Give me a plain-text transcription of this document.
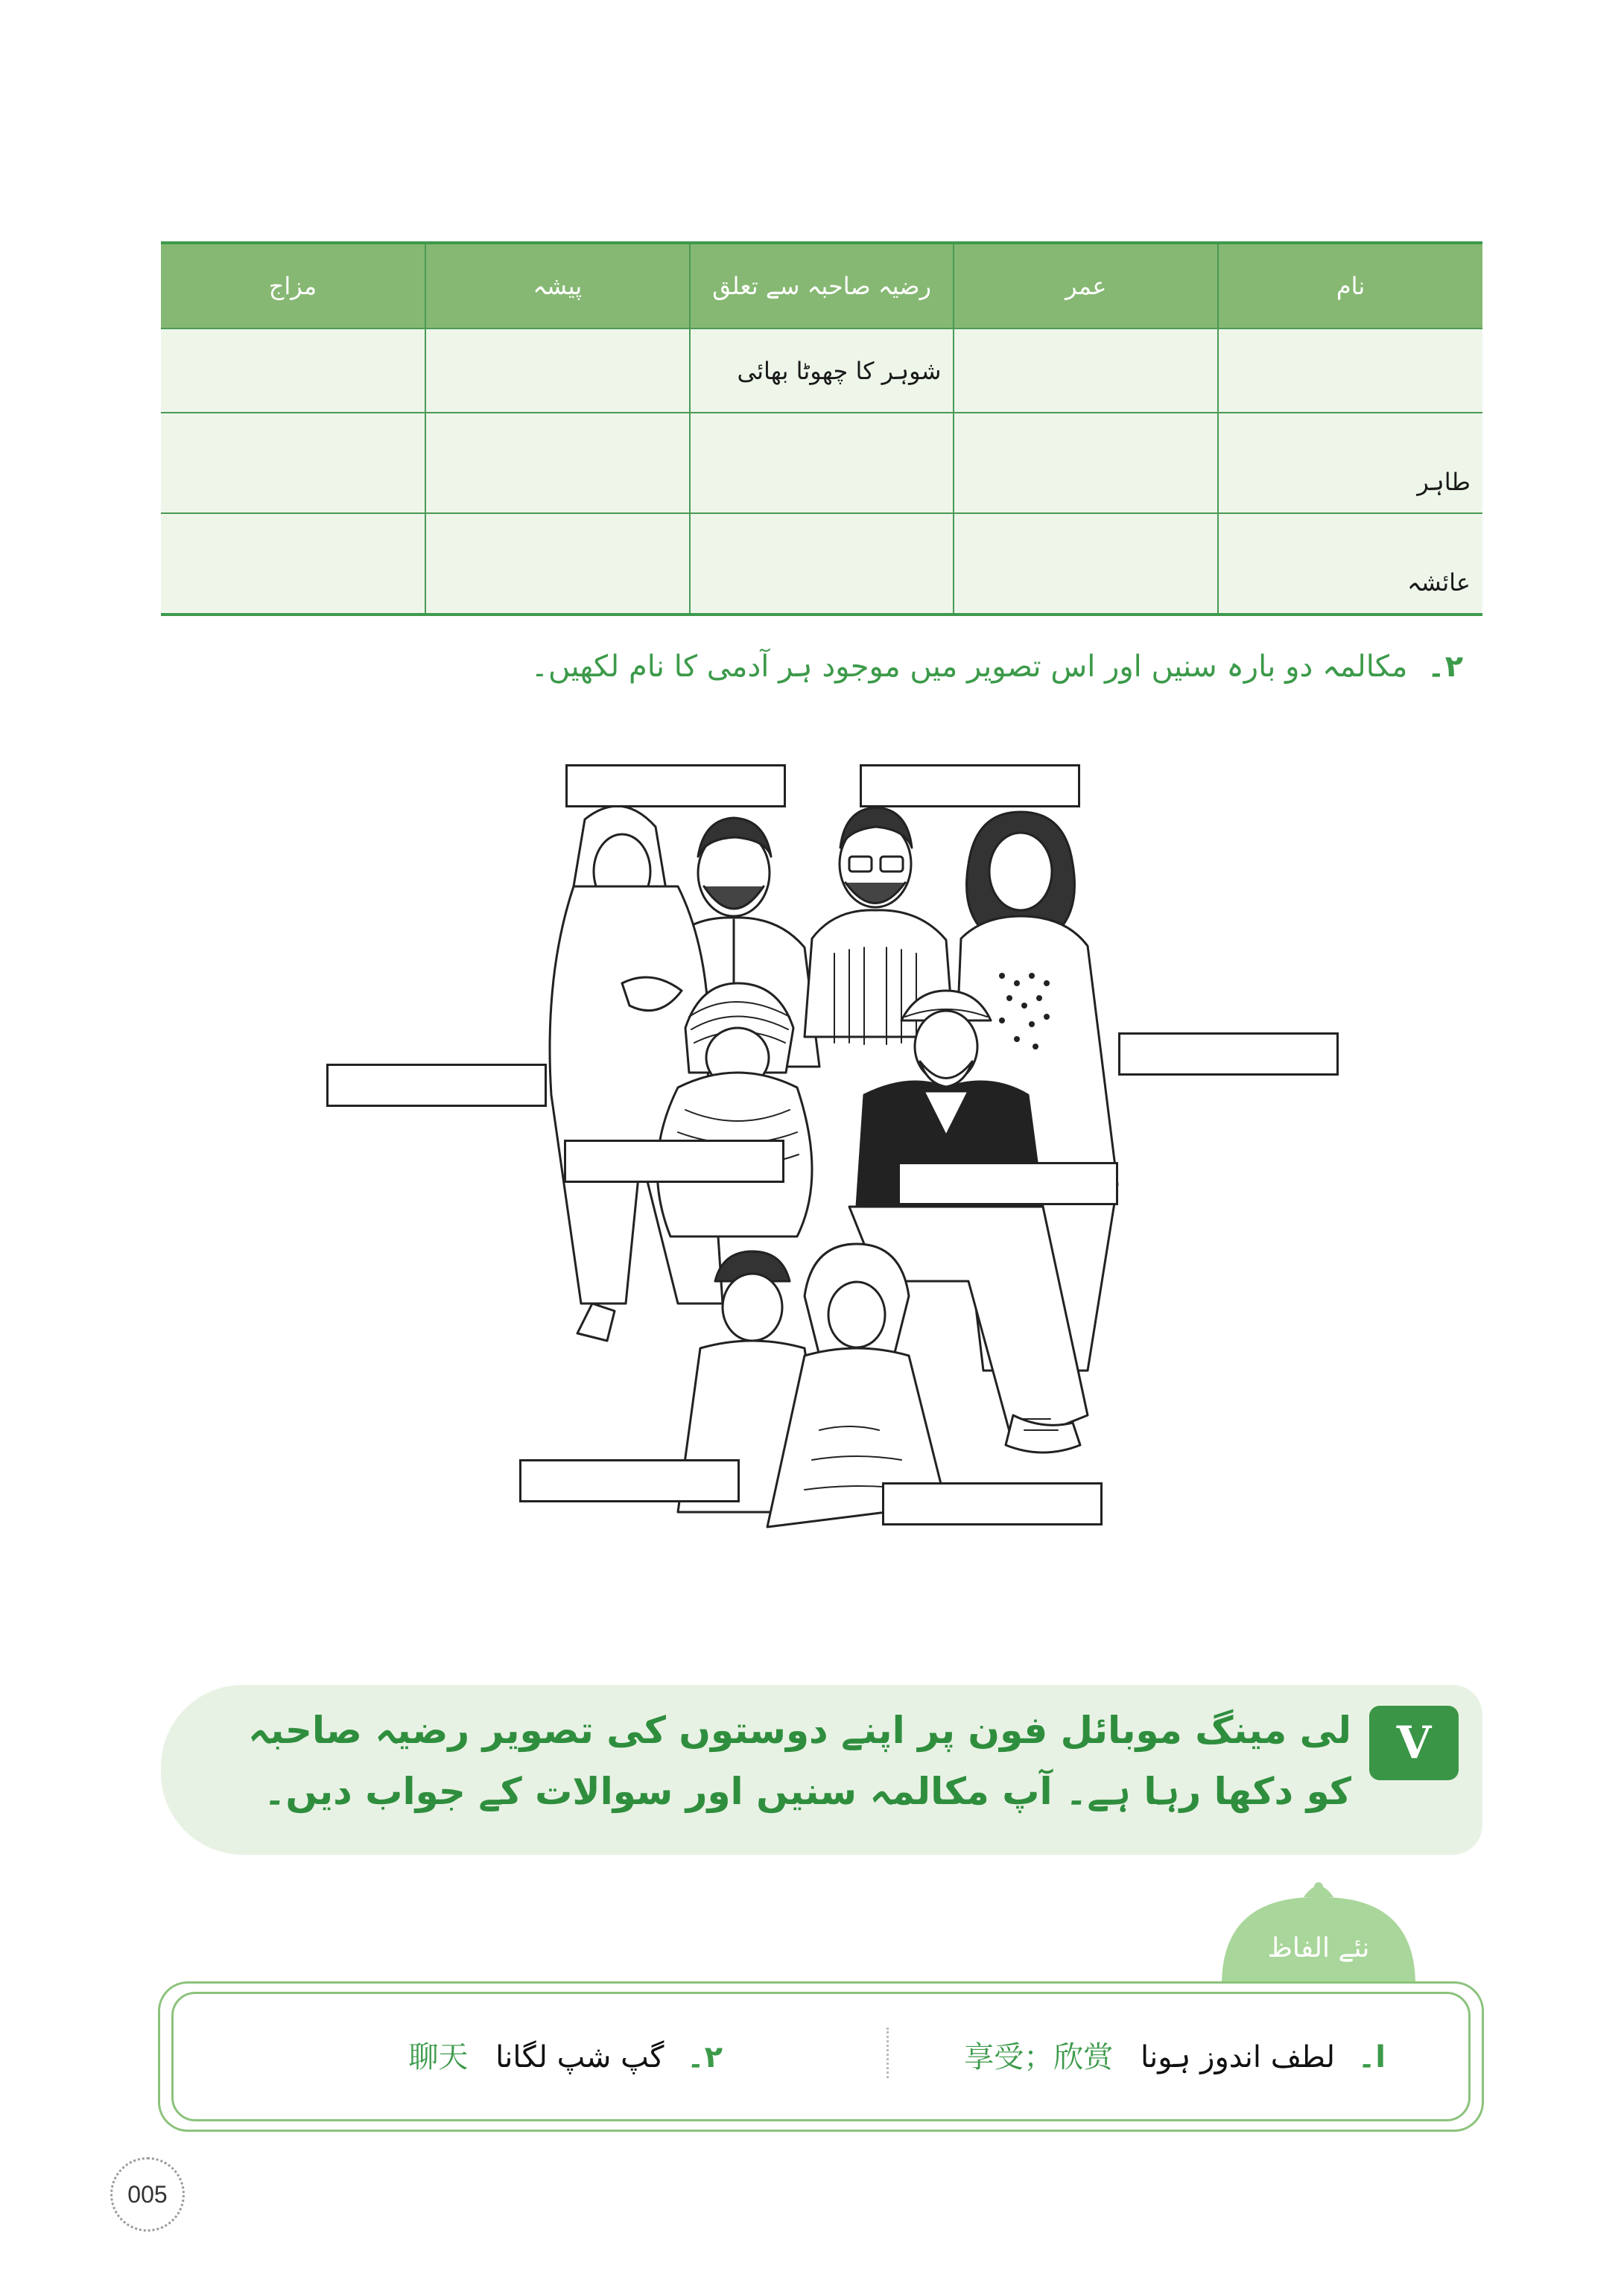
نام	عمر	رضیہ صاحبہ سے تعلق	پیشہ	مزاج
		شوہر کا چھوٹا بھائی		
طاہر				
عائشہ				
۲۔ مکالمہ دو بارہ سنیں اور اس تصویر میں موجود ہر آدمی کا نام لکھیں۔
V
لی مینگ موبائل فون پر اپنے دوستوں کی تصویر رضیہ صاحبہ کو دکھا رہا ہے۔ آپ مکالمہ سنیں اور سوالات کے جواب دیں۔
نئے الفاظ
ا۔ لطف اندوز ہونا 享受；欣赏
۲۔ گپ شپ لگانا 聊天
005
